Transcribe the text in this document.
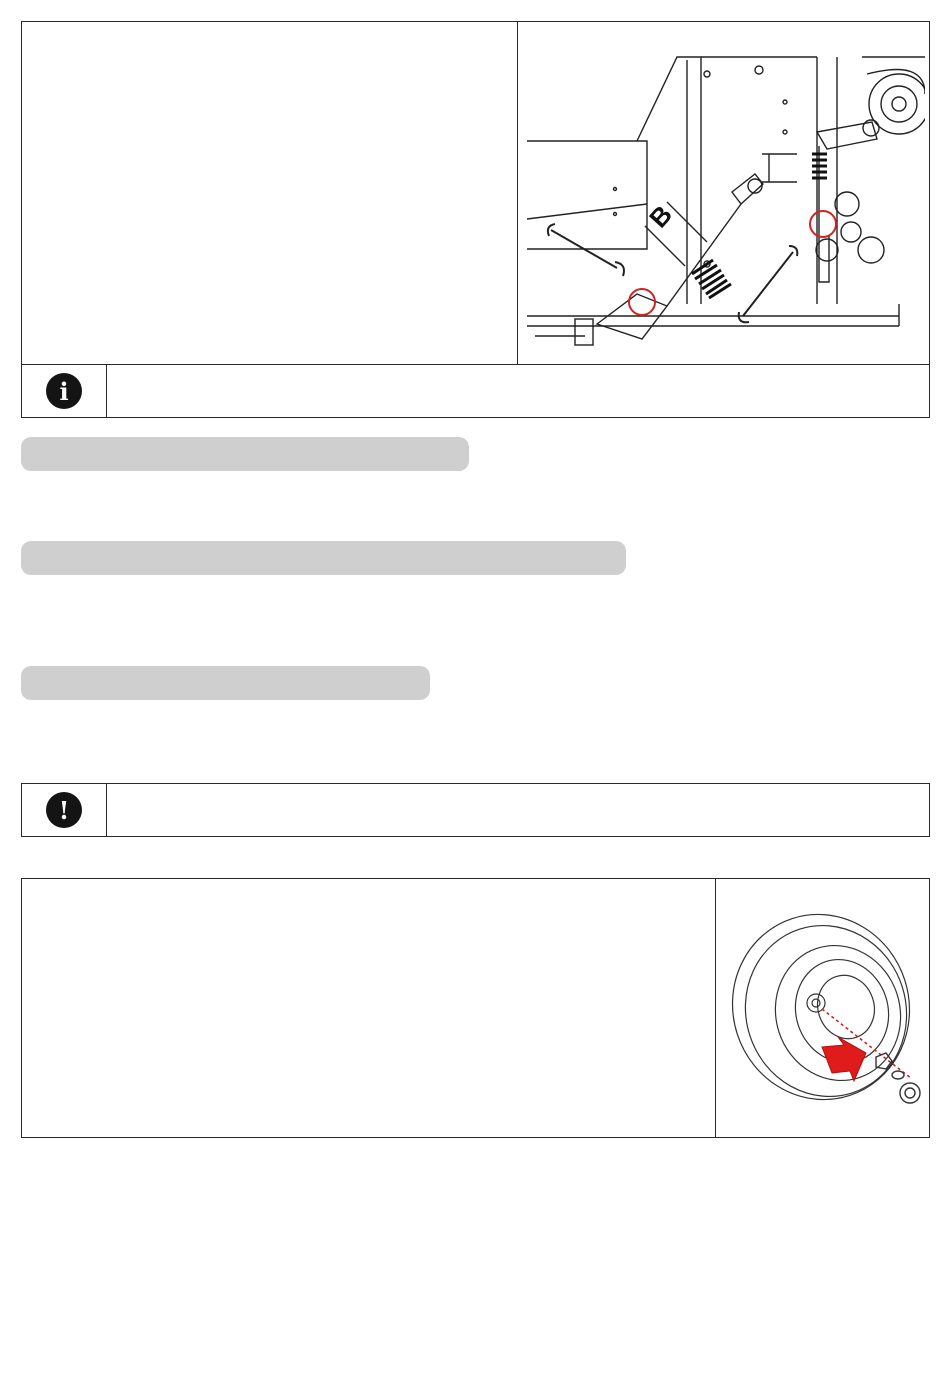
B
i
!
